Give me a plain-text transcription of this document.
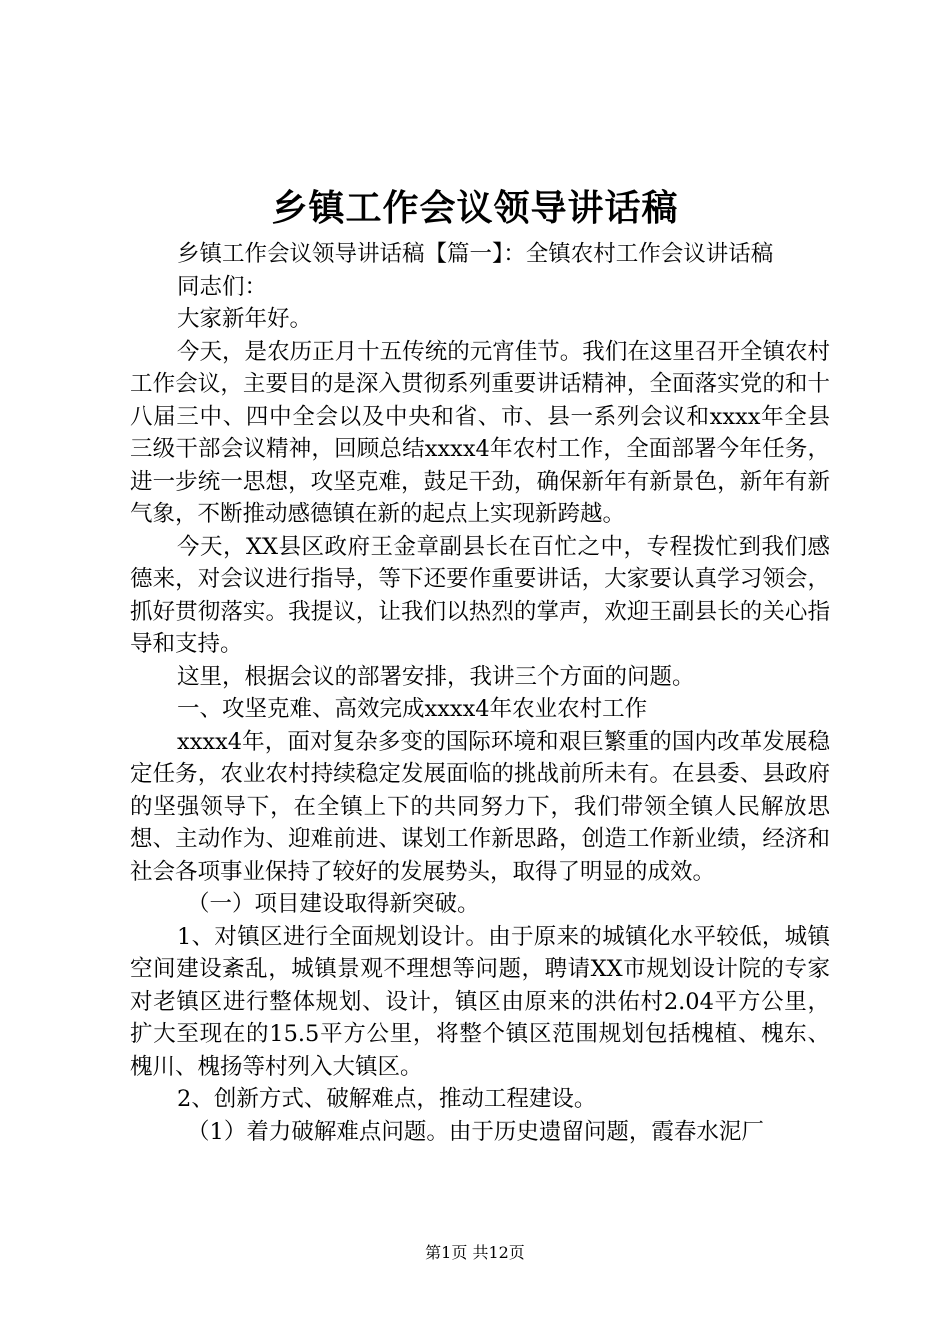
乡镇工作会议领导讲话稿

乡镇工作会议领导讲话稿【篇一】：全镇农村工作会议讲话稿

同志们：

大家新年好。

今天，是农历正月十五传统的元宵佳节。我们在这里召开全镇农村工作会议，主要目的是深入贯彻系列重要讲话精神，全面落实党的和十八届三中、四中全会以及中央和省、市、县一系列会议和xxxx年全县三级干部会议精神，回顾总结xxxx4年农村工作，全面部署今年任务，进一步统一思想，攻坚克难，鼓足干劲，确保新年有新景色，新年有新气象，不断推动感德镇在新的起点上实现新跨越。

今天，XX县区政府王金章副县长在百忙之中，专程拨忙到我们感德来，对会议进行指导，等下还要作重要讲话，大家要认真学习领会，抓好贯彻落实。我提议，让我们以热烈的掌声，欢迎王副县长的关心指导和支持。

这里，根据会议的部署安排，我讲三个方面的问题。

一、攻坚克难、高效完成xxxx4年农业农村工作

xxxx4年，面对复杂多变的国际环境和艰巨繁重的国内改革发展稳定任务，农业农村持续稳定发展面临的挑战前所未有。在县委、县政府的坚强领导下，在全镇上下的共同努力下，我们带领全镇人民解放思想、主动作为、迎难前进、谋划工作新思路，创造工作新业绩，经济和社会各项事业保持了较好的发展势头，取得了明显的成效。

（一）项目建设取得新突破。

1、对镇区进行全面规划设计。由于原来的城镇化水平较低，城镇空间建设紊乱，城镇景观不理想等问题，聘请XX市规划设计院的专家对老镇区进行整体规划、设计，镇区由原来的洪佑村2.04平方公里，扩大至现在的15.5平方公里，将整个镇区范围规划包括槐植、槐东、槐川、槐扬等村列入大镇区。

2、创新方式、破解难点，推动工程建设。

（1）着力破解难点问题。由于历史遗留问题，霞春水泥厂

第1页 共12页
